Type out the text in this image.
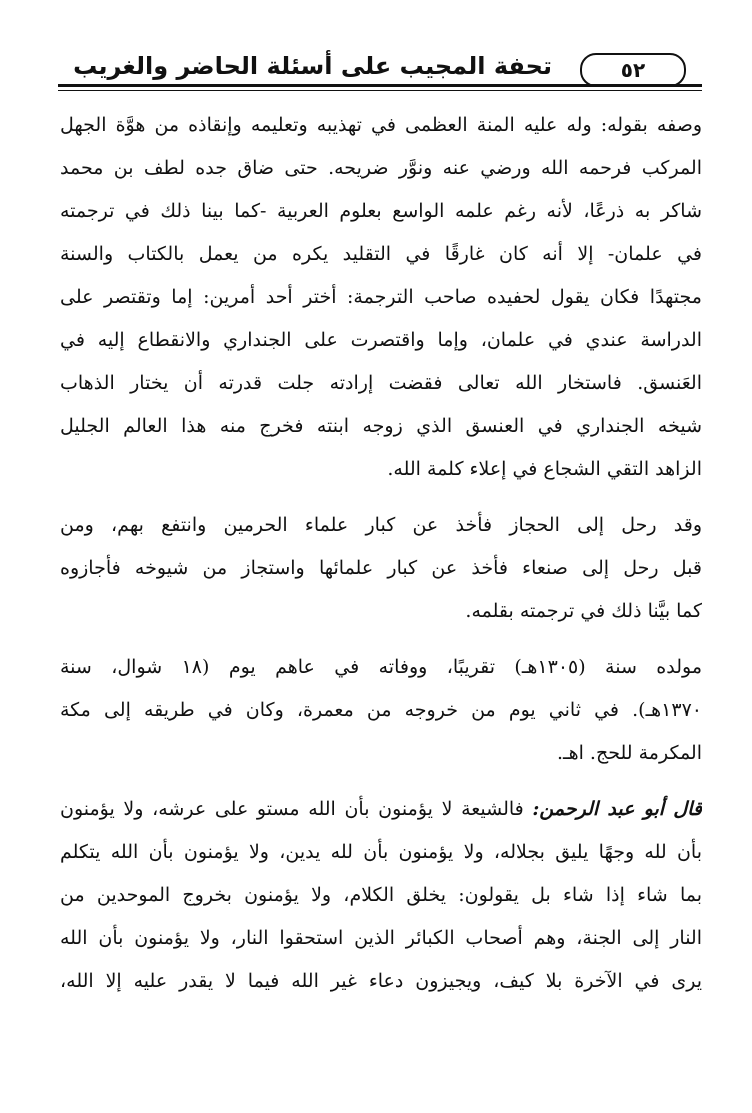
تحفة المجيب على أسئلة الحاضر والغريب	٥٢
وصفه بقوله: وله عليه المنة العظمى في تهذيبه وتعليمه وإنقاذه من هوَّة الجهل
المركب فرحمه الله ورضي عنه ونوَّر ضريحه. حتى ضاق جده لطف بن محمد
شاكر به ذرعًا، لأنه رغم علمه الواسع بعلوم العربية -كما بينا ذلك في ترجمته
في علمان- إلا أنه كان غارقًا في التقليد يكره من يعمل بالكتاب والسنة
مجتهدًا فكان يقول لحفيده صاحب الترجمة: أختر أحد أمرين: إما وتقتصر على
الدراسة عندي في علمان، وإما واقتصرت على الجنداري والانقطاع إليه في
العَنسق. فاستخار الله تعالى فقضت إرادته جلت قدرته أن يختار الذهاب
شيخه الجنداري في العنسق الذي زوجه ابنته فخرج منه هذا العالم الجليل
الزاهد التقي الشجاع في إعلاء كلمة الله.
وقد رحل إلى الحجاز فأخذ عن كبار علماء الحرمين وانتفع بهم، ومن
قبل رحل إلى صنعاء فأخذ عن كبار علمائها واستجاز من شيوخه فأجازوه
كما بيَّنا ذلك في ترجمته بقلمه.
مولده سنة (١٣٠٥هـ) تقريبًا، ووفاته في عاهم يوم (١٨ شوال، سنة
١٣٧٠هـ). في ثاني يوم من خروجه من معمرة، وكان في طريقه إلى مكة
المكرمة للحج. اهـ.
قال أبو عبد الرحمن: فالشيعة لا يؤمنون بأن الله مستو على عرشه، ولا يؤمنون
بأن لله وجهًا يليق بجلاله، ولا يؤمنون بأن لله يدين، ولا يؤمنون بأن الله يتكلم
بما شاء إذا شاء بل يقولون: يخلق الكلام، ولا يؤمنون بخروج الموحدين من
النار إلى الجنة، وهم أصحاب الكبائر الذين استحقوا النار، ولا يؤمنون بأن الله
يرى في الآخرة بلا كيف، ويجيزون دعاء غير الله فيما لا يقدر عليه إلا الله،
